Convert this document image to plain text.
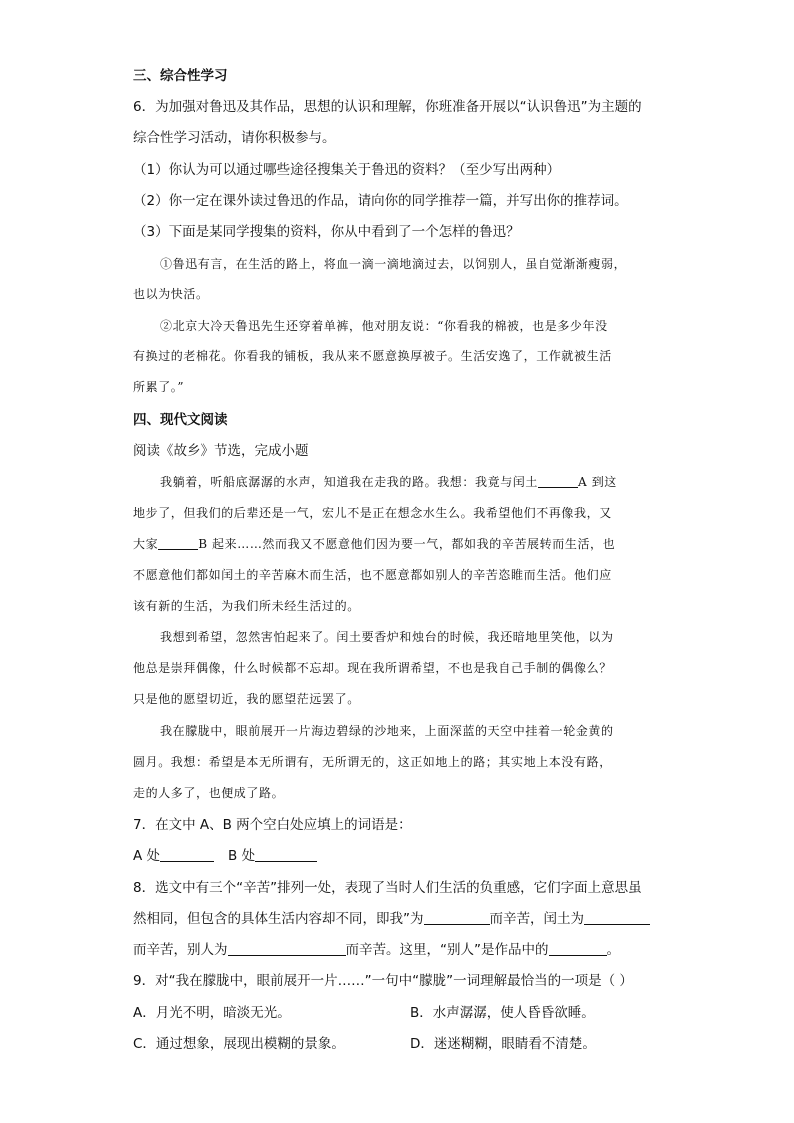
三、综合性学习
6．为加强对鲁迅及其作品，思想的认识和理解，你班准备开展以“认识鲁迅”为主题的
综合性学习活动，请你积极参与。
（1）你认为可以通过哪些途径搜集关于鲁迅的资料？（至少写出两种）
（2）你一定在课外读过鲁迅的作品，请向你的同学推荐一篇，并写出你的推荐词。
（3）下面是某同学搜集的资料，你从中看到了一个怎样的鲁迅？
①鲁迅有言，在生活的路上，将血一滴一滴地滴过去，以饲别人，虽自觉渐渐瘦弱，
也以为快活。
②北京大冷天鲁迅先生还穿着单裤，他对朋友说：“你看我的棉被，也是多少年没
有换过的老棉花。你看我的铺板，我从来不愿意换厚被子。生活安逸了，工作就被生活
所累了。”
四、现代文阅读
阅读《故乡》节选，完成小题
我躺着，听船底潺潺的水声，知道我在走我的路。我想：我竟与闰土	A 到这
地步了，但我们的后辈还是一气，宏儿不是正在想念水生么。我希望他们不再像我，又
大家	B 起来……然而我又不愿意他们因为要一气，都如我的辛苦展转而生活，也
不愿意他们都如闰土的辛苦麻木而生活，也不愿意都如别人的辛苦恣睢而生活。他们应
该有新的生活，为我们所未经生活过的。
我想到希望，忽然害怕起来了。闰土要香炉和烛台的时候，我还暗地里笑他，以为
他总是崇拜偶像，什么时候都不忘却。现在我所谓希望，不也是我自己手制的偶像么？
只是他的愿望切近，我的愿望茫远罢了。
我在朦胧中，眼前展开一片海边碧绿的沙地来，上面深蓝的天空中挂着一轮金黄的
圆月。我想：希望是本无所谓有，无所谓无的，这正如地上的路；其实地上本没有路，
走的人多了，也便成了路。
7．在文中 A、B 两个空白处应填上的词语是：
A 处	B 处
8．选文中有三个“辛苦”排列一处，表现了当时人们生活的负重感，它们字面上意思虽
然相同，但包含的具体生活内容却不同，即我”为	而辛苦，闰土为
而辛苦，别人为	而辛苦。这里，“别人”是作品中的	。
9．对“我在朦胧中，眼前展开一片……”一句中“朦胧”一词理解最恰当的一项是（ ）
A．月光不明，暗淡无光。	B．水声潺潺，使人昏昏欲睡。
C．通过想象，展现出模糊的景象。	D．迷迷糊糊，眼睛看不清楚。
